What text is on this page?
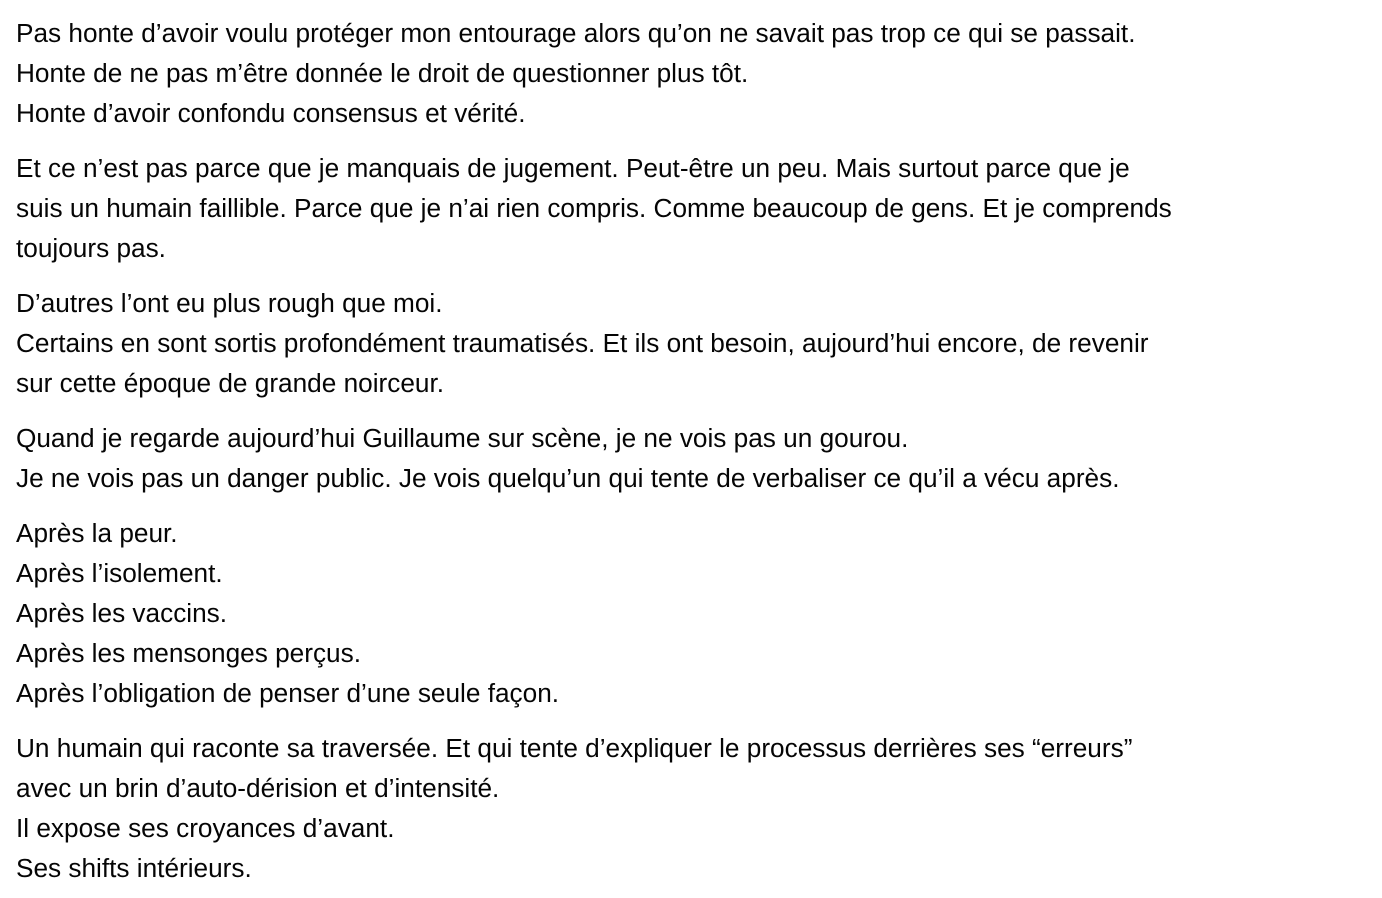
Pas honte d’avoir voulu protéger mon entourage alors qu’on ne savait pas trop ce qui se passait.
Honte de ne pas m’être donnée le droit de questionner plus tôt.
Honte d’avoir confondu consensus et vérité.

Et ce n’est pas parce que je manquais de jugement. Peut-être un peu. Mais surtout parce que je
suis un humain faillible. Parce que je n’ai rien compris. Comme beaucoup de gens. Et je comprends
toujours pas.

D’autres l’ont eu plus rough que moi.
Certains en sont sortis profondément traumatisés. Et ils ont besoin, aujourd’hui encore, de revenir
sur cette époque de grande noirceur.

Quand je regarde aujourd’hui Guillaume sur scène, je ne vois pas un gourou.
Je ne vois pas un danger public. Je vois quelqu’un qui tente de verbaliser ce qu’il a vécu après.

Après la peur.
Après l’isolement.
Après les vaccins.
Après les mensonges perçus.
Après l’obligation de penser d’une seule façon.

Un humain qui raconte sa traversée. Et qui tente d’expliquer le processus derrières ses “erreurs”
avec un brin d’auto-dérision et d’intensité.
Il expose ses croyances d’avant.
Ses shifts intérieurs.
